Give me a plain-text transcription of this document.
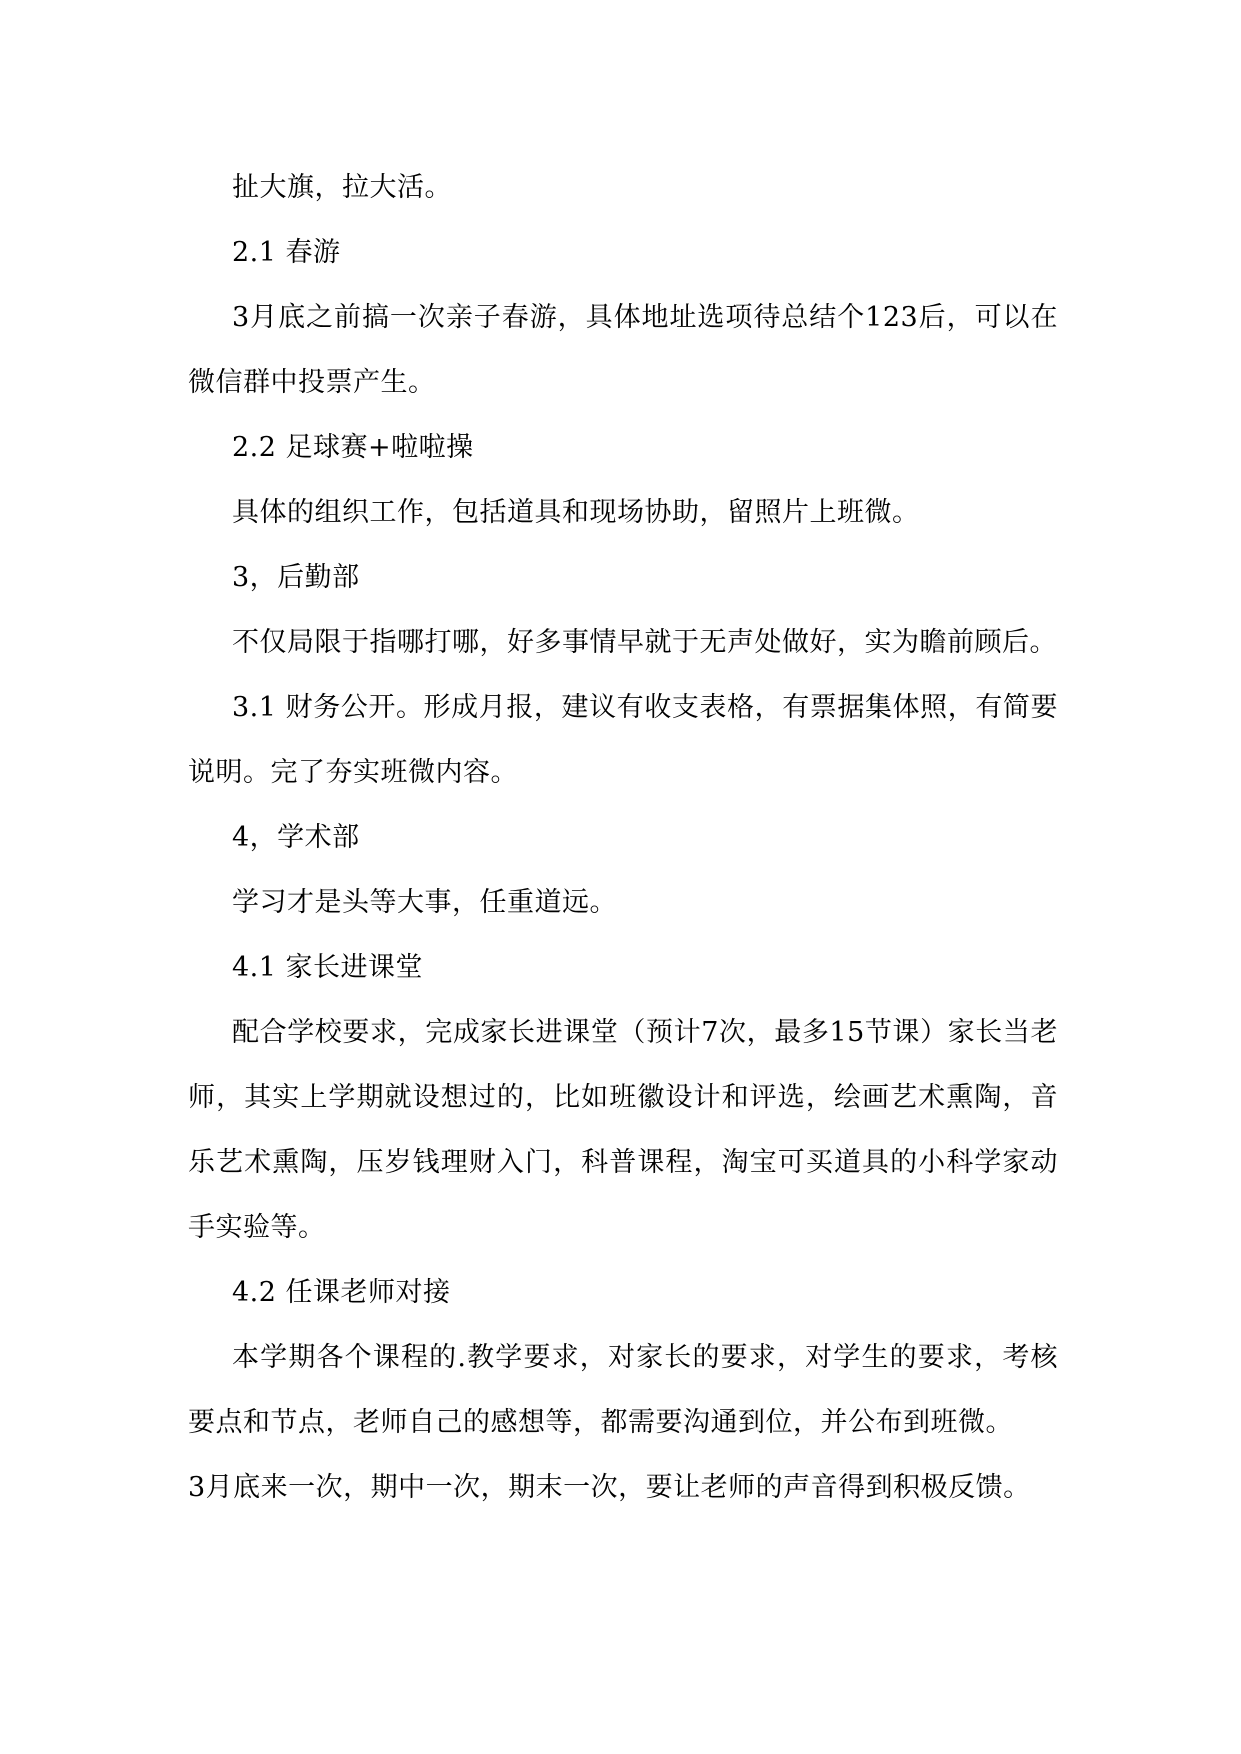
扯大旗，拉大活。

2.1 春游

3月底之前搞一次亲子春游，具体地址选项待总结个123后，可以在微信群中投票产生。

2.2 足球赛+啦啦操

具体的组织工作，包括道具和现场协助，留照片上班微。

3，后勤部

不仅局限于指哪打哪，好多事情早就于无声处做好，实为瞻前顾后。

3.1 财务公开。形成月报，建议有收支表格，有票据集体照，有简要说明。完了夯实班微内容。

4，学术部

学习才是头等大事，任重道远。

4.1 家长进课堂

配合学校要求，完成家长进课堂（预计7次，最多15节课）家长当老师，其实上学期就设想过的，比如班徽设计和评选，绘画艺术熏陶，音乐艺术熏陶，压岁钱理财入门，科普课程，淘宝可买道具的小科学家动手实验等。

4.2 任课老师对接

本学期各个课程的.教学要求，对家长的要求，对学生的要求，考核要点和节点，老师自己的感想等，都需要沟通到位，并公布到班微。

3月底来一次，期中一次，期末一次，要让老师的声音得到积极反馈。
